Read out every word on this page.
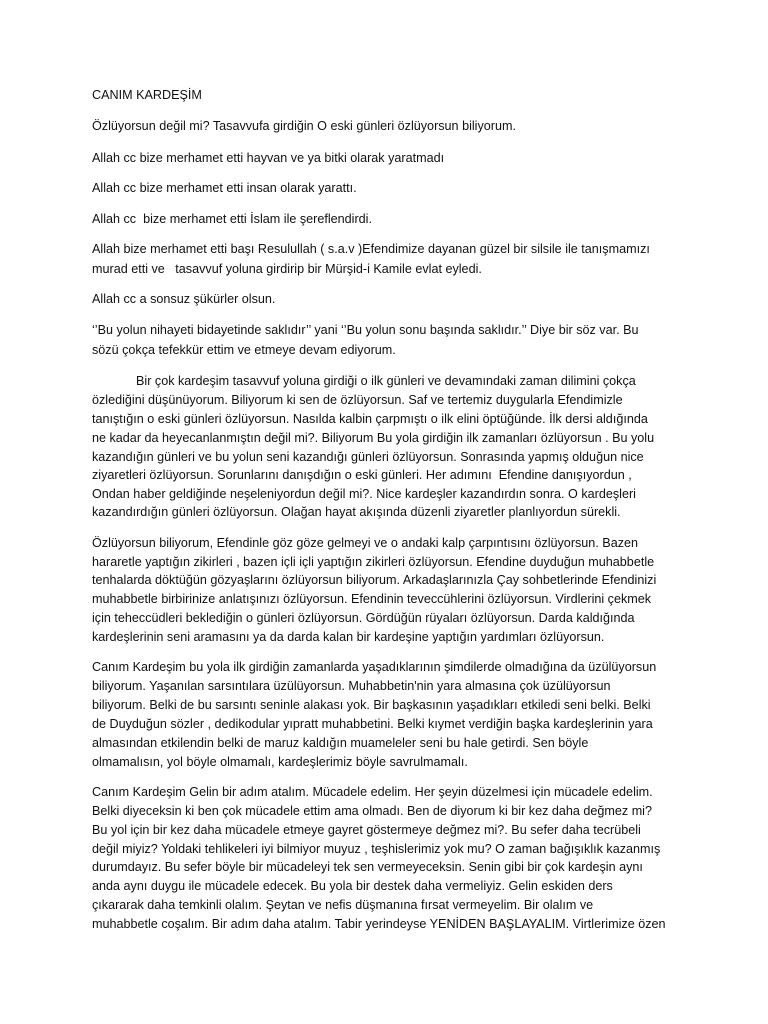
CANIM KARDEŞİM

Özlüyorsun değil mi? Tasavvufa girdiğin O eski günleri özlüyorsun biliyorum.

Allah cc bize merhamet etti hayvan ve ya bitki olarak yaratmadı

Allah cc bize merhamet etti insan olarak yarattı.

Allah cc  bize merhamet etti İslam ile şereflendirdi.

Allah bize merhamet etti başı Resulullah ( s.a.v )Efendimize dayanan güzel bir silsile ile tanışmamızı

murad etti ve   tasavvuf yoluna girdirip bir Mürşid-i Kamile evlat eyledi.

Allah cc a sonsuz şükürler olsun.

‘’Bu yolun nihayeti bidayetinde saklıdır’’ yani ‘’Bu yolun sonu başında saklıdır.’’ Diye bir söz var. Bu

sözü çokça tefekkür ettim ve etmeye devam ediyorum.

Bir çok kardeşim tasavvuf yoluna girdiği o ilk günleri ve devamındaki zaman dilimini çokça

özlediğini düşünüyorum. Biliyorum ki sen de özlüyorsun. Saf ve tertemiz duygularla Efendimizle

tanıştığın o eski günleri özlüyorsun. Nasılda kalbin çarpmıştı o ilk elini öptüğünde. İlk dersi aldığında

ne kadar da heyecanlanmıştın değil mi?. Biliyorum Bu yola girdiğin ilk zamanları özlüyorsun . Bu yolu

kazandığın günleri ve bu yolun seni kazandığı günleri özlüyorsun. Sonrasında yapmış olduğun nice

ziyaretleri özlüyorsun. Sorunlarını danışdığın o eski günleri. Her adımını  Efendine danışıyordun ,

Ondan haber geldiğinde neşeleniyordun değil mi?. Nice kardeşler kazandırdın sonra. O kardeşleri

kazandırdığın günleri özlüyorsun. Olağan hayat akışında düzenli ziyaretler planlıyordun sürekli.

Özlüyorsun biliyorum, Efendinle göz göze gelmeyi ve o andaki kalp çarpıntısını özlüyorsun. Bazen

hararetle yaptığın zikirleri , bazen içli içli yaptığın zikirleri özlüyorsun. Efendine duyduğun muhabbetle

tenhalarda döktüğün gözyaşlarını özlüyorsun biliyorum. Arkadaşlarınızla Çay sohbetlerinde Efendinizi

muhabbetle birbirinize anlatışınızı özlüyorsun. Efendinin teveccühlerini özlüyorsun. Virdlerini çekmek

için teheccüdleri beklediğin o günleri özlüyorsun. Gördüğün rüyaları özlüyorsun. Darda kaldığında

kardeşlerinin seni aramasını ya da darda kalan bir kardeşine yaptığın yardımları özlüyorsun.

Canım Kardeşim bu yola ilk girdiğin zamanlarda yaşadıklarının şimdilerde olmadığına da üzülüyorsun

biliyorum. Yaşanılan sarsıntılara üzülüyorsun. Muhabbetin'nin yara almasına çok üzülüyorsun

biliyorum. Belki de bu sarsıntı seninle alakası yok. Bir başkasının yaşadıkları etkiledi seni belki. Belki

de Duyduğun sözler , dedikodular yıpratt muhabbetini. Belki kıymet verdiğin başka kardeşlerinin yara

almasından etkilendin belki de maruz kaldığın muameleler seni bu hale getirdi. Sen böyle

olmamalısın, yol böyle olmamalı, kardeşlerimiz böyle savrulmamalı.

Canım Kardeşim Gelin bir adım atalım. Mücadele edelim. Her şeyin düzelmesi için mücadele edelim.

Belki diyeceksin ki ben çok mücadele ettim ama olmadı. Ben de diyorum ki bir kez daha değmez mi?

Bu yol için bir kez daha mücadele etmeye gayret göstermeye değmez mi?. Bu sefer daha tecrübeli

değil miyiz? Yoldaki tehlikeleri iyi bilmiyor muyuz , teşhislerimiz yok mu? O zaman bağışıklık kazanmış

durumdayız. Bu sefer böyle bir mücadeleyi tek sen vermeyeceksin. Senin gibi bir çok kardeşin aynı

anda aynı duygu ile mücadele edecek. Bu yola bir destek daha vermeliyiz. Gelin eskiden ders

çıkararak daha temkinli olalım. Şeytan ve nefis düşmanına fırsat vermeyelim. Bir olalım ve

muhabbetle coşalım. Bir adım daha atalım. Tabir yerindeyse YENİDEN BAŞLAYALIM. Virtlerimize özen
